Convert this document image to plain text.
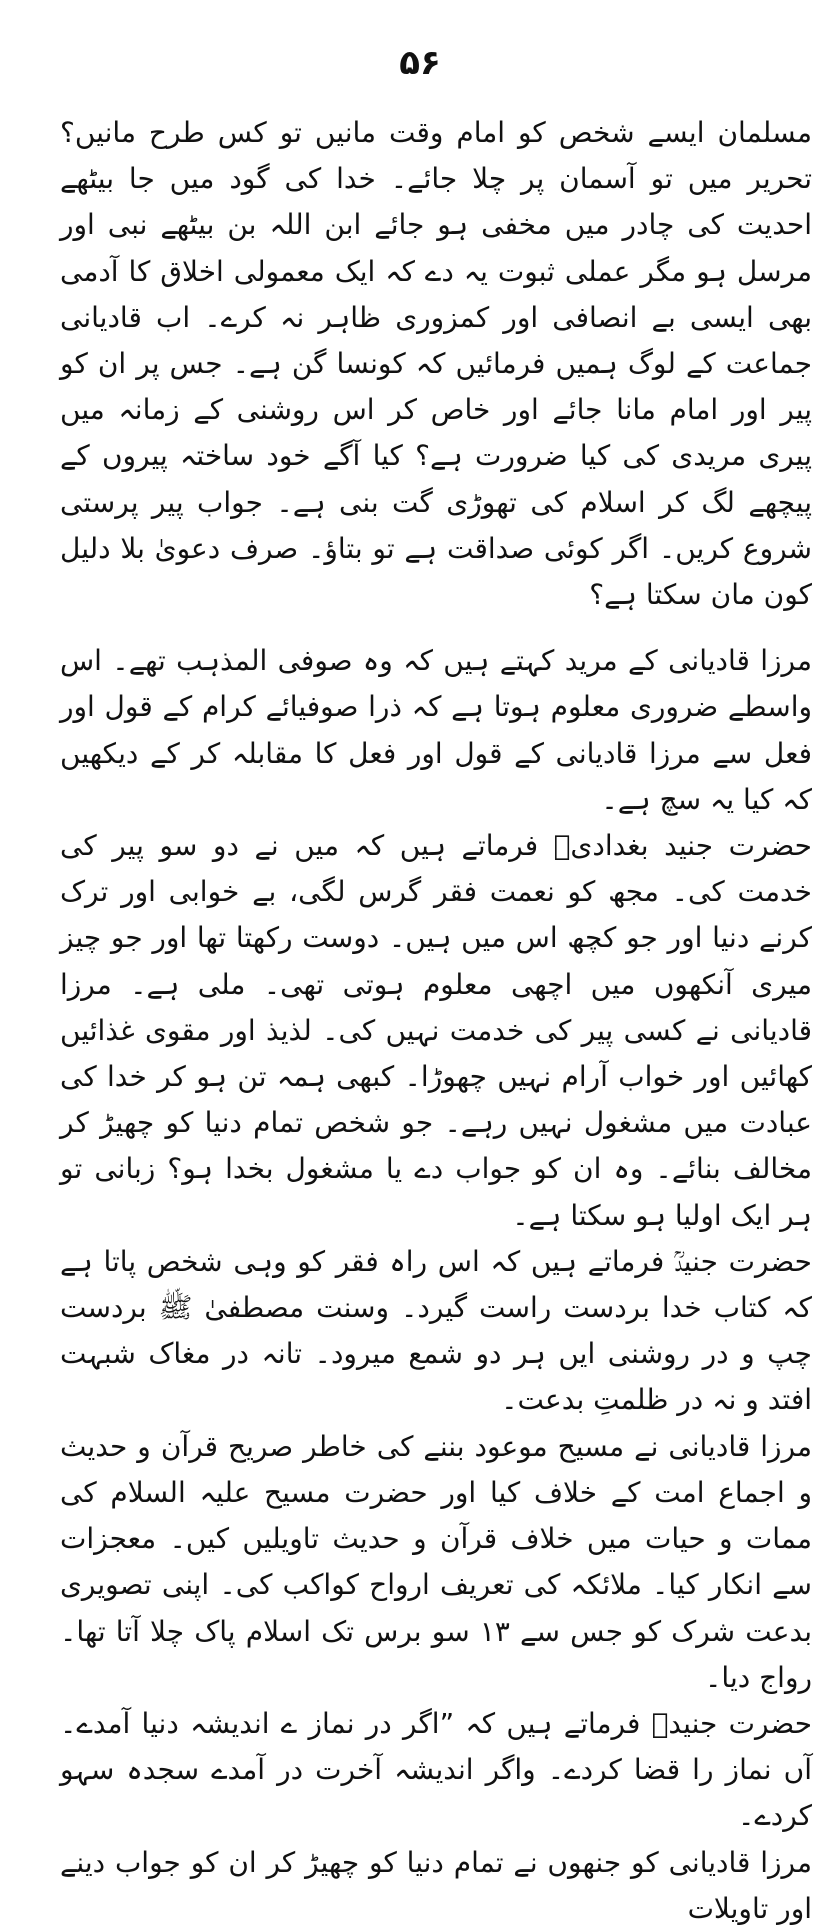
۵۶

مسلمان ایسے شخص کو امام وقت مانیں تو کس طرح مانیں؟ تحریر میں تو آسمان پر چلا جائے۔ خدا کی گود میں جا بیٹھے احدیت کی چادر میں مخفی ہو جائے ابن اللہ بن بیٹھے نبی اور مرسل ہو مگر عملی ثبوت یہ دے کہ ایک معمولی اخلاق کا آدمی بھی ایسی بے انصافی اور کمزوری ظاہر نہ کرے۔ اب قادیانی جماعت کے لوگ ہمیں فرمائیں کہ کونسا گن ہے۔ جس پر ان کو پیر اور امام مانا جائے اور خاص کر اس روشنی کے زمانہ میں پیری مریدی کی کیا ضرورت ہے؟ کیا آگے خود ساختہ پیروں کے پیچھے لگ کر اسلام کی تھوڑی گت بنی ہے۔ جواب پیر پرستی شروع کریں۔ اگر کوئی صداقت ہے تو بتاؤ۔ صرف دعویٰ بلا دلیل کون مان سکتا ہے؟

مرزا قادیانی کے مرید کہتے ہیں کہ وہ صوفی المذہب تھے۔ اس واسطے ضروری معلوم ہوتا ہے کہ ذرا صوفیائے کرام کے قول اور فعل سے مرزا قادیانی کے قول اور فعل کا مقابلہ کر کے دیکھیں کہ کیا یہ سچ ہے۔

حضرت جنید بغدادیؒ فرماتے ہیں کہ میں نے دو سو پیر کی خدمت کی۔ مجھ کو نعمت فقر گرس لگی، بے خوابی اور ترک کرنے دنیا اور جو کچھ اس میں ہیں۔ دوست رکھتا تھا اور جو چیز میری آنکھوں میں اچھی معلوم ہوتی تھی۔ ملی ہے۔ مرزا قادیانی نے کسی پیر کی خدمت نہیں کی۔ لذیذ اور مقوی غذائیں کھائیں اور خواب آرام نہیں چھوڑا۔ کبھی ہمہ تن ہو کر خدا کی عبادت میں مشغول نہیں رہے۔ جو شخص تمام دنیا کو چھیڑ کر مخالف بنائے۔ وہ ان کو جواب دے یا مشغول بخدا ہو؟ زبانی تو ہر ایک اولیا ہو سکتا ہے۔

حضرت جنیدؒ فرماتے ہیں کہ اس راہ فقر کو وہی شخص پاتا ہے کہ کتاب خدا بردست راست گیرد۔ وسنت مصطفیٰ ﷺ بردست چپ و در روشنی ایں ہر دو شمع میرود۔ تانہ در مغاک شبہت افتد و نہ در ظلمتِ بدعت۔

مرزا قادیانی نے مسیح موعود بننے کی خاطر صریح قرآن و حدیث و اجماع امت کے خلاف کیا اور حضرت مسیح علیہ السلام کی ممات و حیات میں خلاف قرآن و حدیث تاویلیں کیں۔ معجزات سے انکار کیا۔ ملائکہ کی تعریف ارواح کواکب کی۔ اپنی تصویری بدعت شرک کو جس سے ۱۳ سو برس تک اسلام پاک چلا آتا تھا۔ رواج دیا۔

حضرت جنیدؒ فرماتے ہیں کہ ”اگر در نماز ے اندیشہ دنیا آمدے۔ آں نماز را قضا کردے۔ واگر اندیشہ آخرت در آمدے سجدہ سہو کردے۔

مرزا قادیانی کو جنھوں نے تمام دنیا کو چھیڑ کر ان کو جواب دینے اور تاویلات
